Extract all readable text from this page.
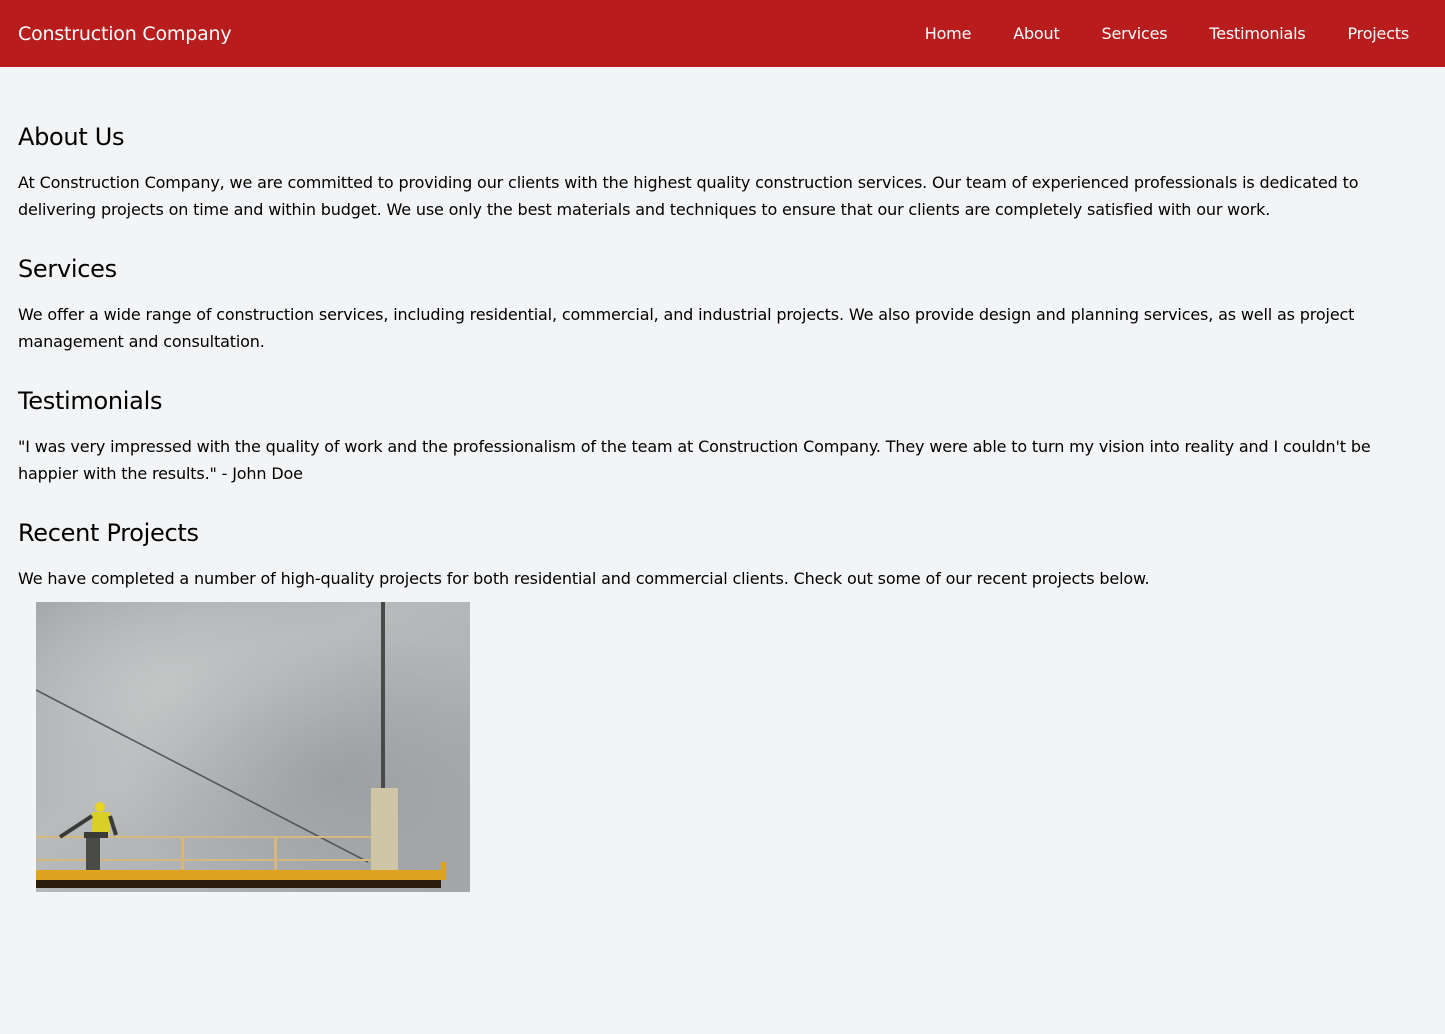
Construction Company	Home	About	Services	Testimonials	Projects
About Us

At Construction Company, we are committed to providing our clients with the highest quality construction services. Our team of experienced professionals is dedicated to delivering projects on time and within budget. We use only the best materials and techniques to ensure that our clients are completely satisfied with our work.

Services

We offer a wide range of construction services, including residential, commercial, and industrial projects. We also provide design and planning services, as well as project management and consultation.

Testimonials

"I was very impressed with the quality of work and the professionalism of the team at Construction Company. They were able to turn my vision into reality and I couldn't be happier with the results." - John Doe

Recent Projects

We have completed a number of high-quality projects for both residential and commercial clients. Check out some of our recent projects below.
